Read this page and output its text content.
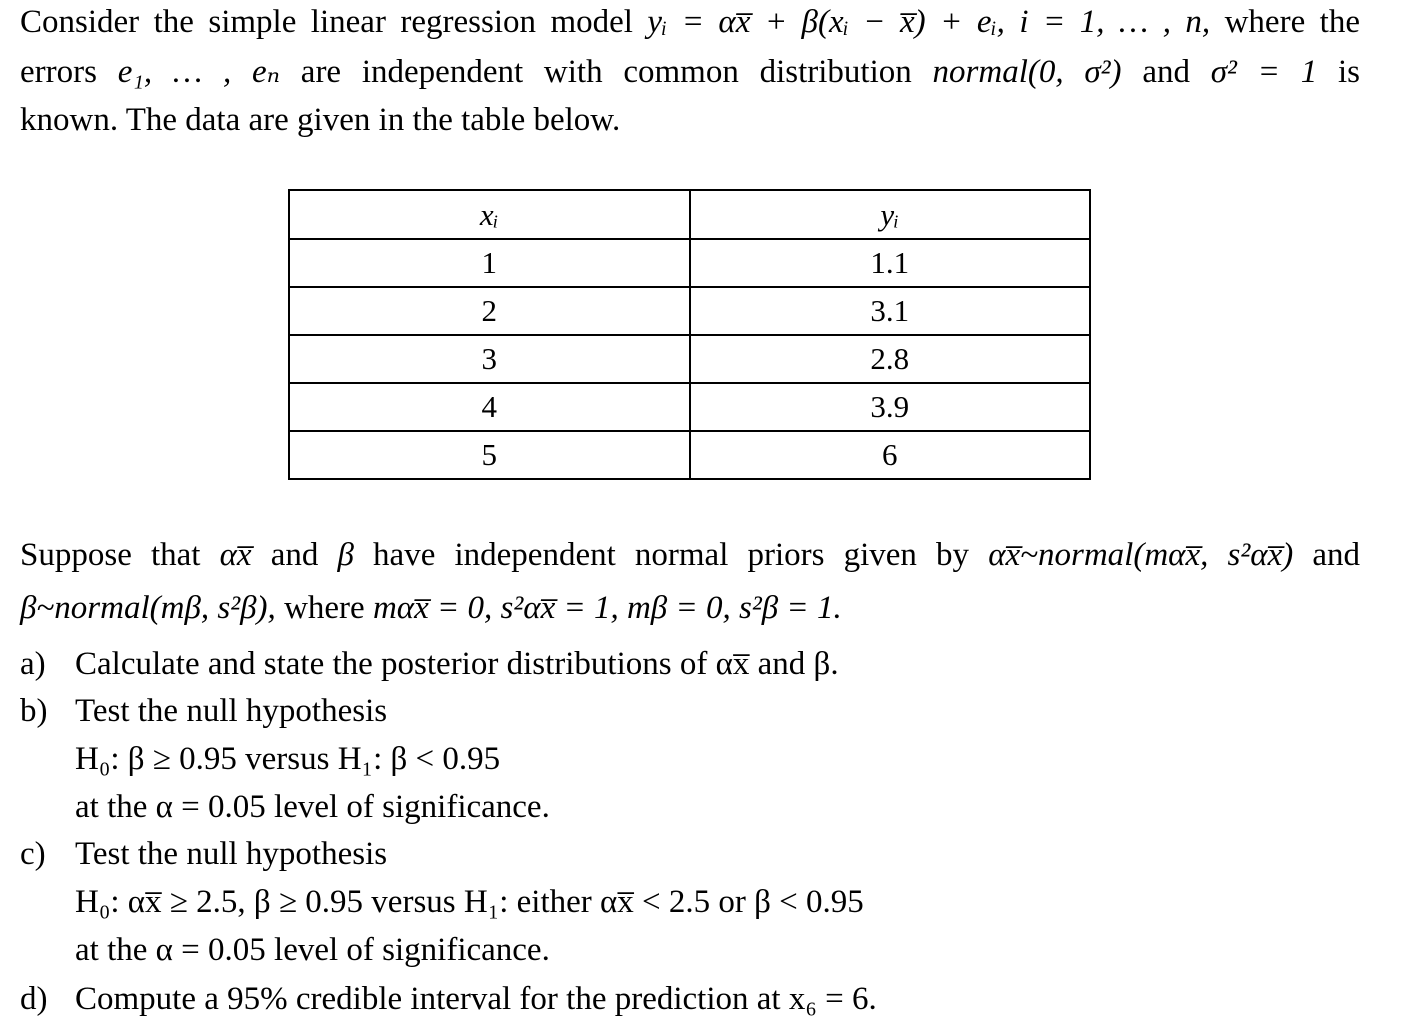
Consider the simple linear regression model yᵢ = αx̅ + β(xᵢ − x̅) + eᵢ, i = 1, … , n, where the
errors e₁, … , eₙ are independent with common distribution normal(0, σ²) and σ² = 1 is
known. The data are given in the table below.
xᵢ	yᵢ
1	1.1
2	3.1
3	2.8
4	3.9
5	6
Suppose that αx̅ and β have independent normal priors given by αx̅~normal(mαx̅, s²αx̅) and
β~normal(mβ, s²β), where mαx̅ = 0, s²αx̅ = 1, mβ = 0, s²β = 1.
a) Calculate and state the posterior distributions of αx̅ and β.
b) Test the null hypothesis
H₀: β ≥ 0.95 versus H₁: β < 0.95
at the α = 0.05 level of significance.
c) Test the null hypothesis
H₀: αx̅ ≥ 2.5, β ≥ 0.95 versus H₁: either αx̅ < 2.5 or β < 0.95
at the α = 0.05 level of significance.
d) Compute a 95% credible interval for the prediction at x₆ = 6.
